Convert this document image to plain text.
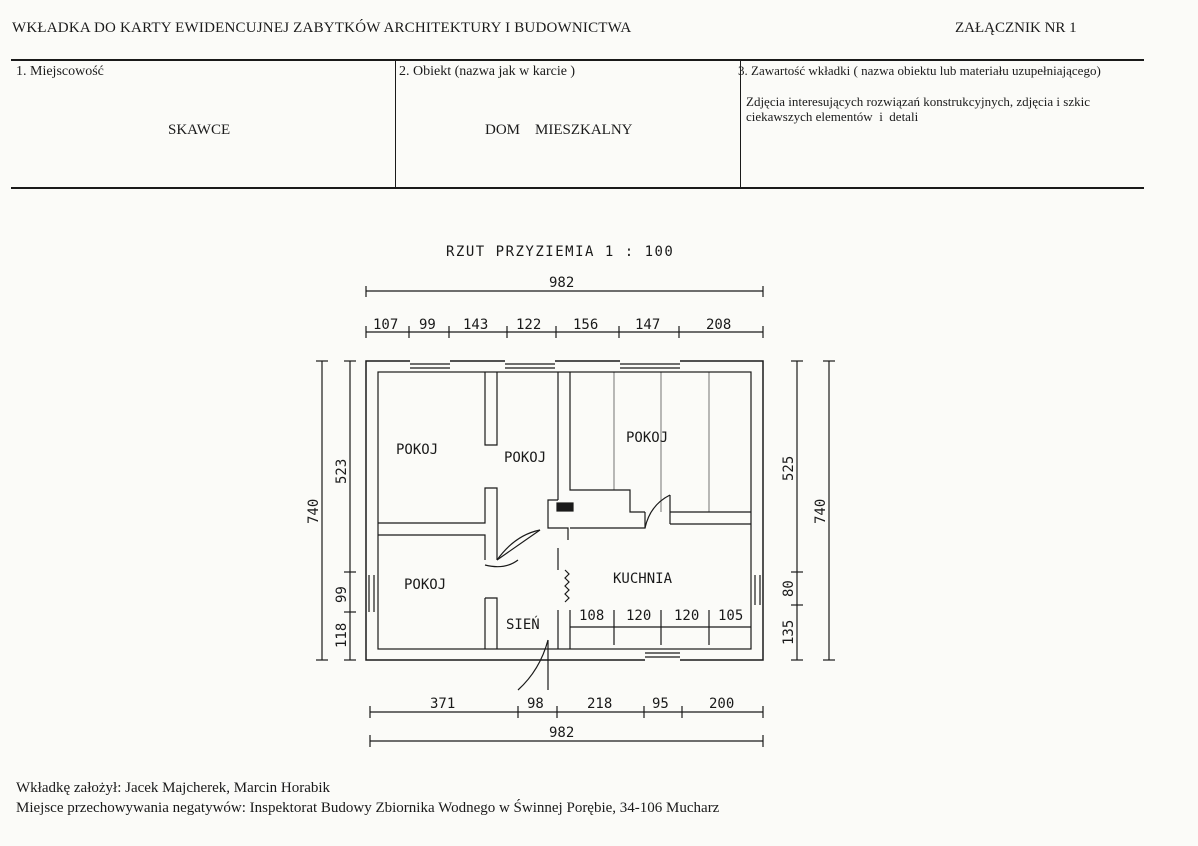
WKŁADKA DO KARTY EWIDENCUJNEJ ZABYTKÓW ARCHITEKTURY I BUDOWNICTWA	ZAŁĄCZNIK NR 1
1. Miejscowość
SKAWCE
2. Obiekt (nazwa jak w karcie )
DOM    MIESZKALNY
3. Zawartość wkładki ( nazwa obiektu lub materiału uzupełniającego)
Zdjęcia interesujących rozwiązań konstrukcyjnych, zdjęcia i szkic
ciekawszych elementów  i  detali
RZUT PRZYZIEMIA 1 : 100
982
107 99 143 122 156	147	208
POKOJ	POKOJ
POKOJ
POKOJ	KUCHNIA
SIEŃ
108 120 120 105
371	98	218	95	200
982
740
523
99
118
525
80
135
740
Wkładkę założył: Jacek Majcherek, Marcin Horabik
Miejsce przechowywania negatywów: Inspektorat Budowy Zbiornika Wodnego w Świnnej Porębie, 34-106 Mucharz
